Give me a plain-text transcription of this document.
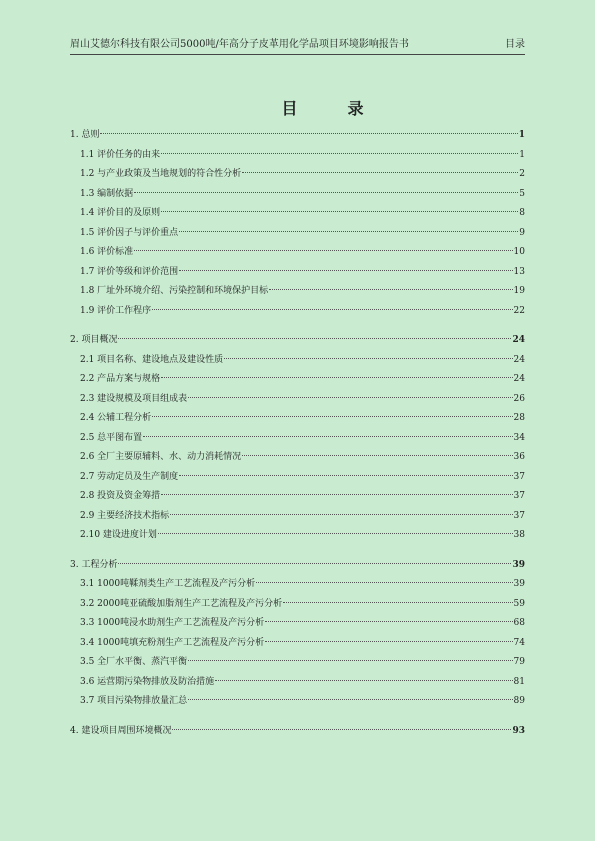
眉山艾德尔科技有限公司5000吨/年高分子皮革用化学品项目环境影响报告书	目录
目录
1. 总则	1
1.1 评价任务的由来	1
1.2 与产业政策及当地规划的符合性分析	2
1.3 编制依据	5
1.4 评价目的及原则	8
1.5 评价因子与评价重点	9
1.6 评价标准	10
1.7 评价等级和评价范围	13
1.8 厂址外环境介绍、污染控制和环境保护目标	19
1.9 评价工作程序	22
2. 项目概况	24
2.1 项目名称、建设地点及建设性质	24
2.2 产品方案与规格	24
2.3 建设规模及项目组成表	26
2.4 公辅工程分析	28
2.5 总平图布置	34
2.6 全厂主要原辅料、水、动力消耗情况	36
2.7 劳动定员及生产制度	37
2.8 投资及资金筹措	37
2.9 主要经济技术指标	37
2.10 建设进度计划	38
3. 工程分析	39
3.1 1000吨鞣剂类生产工艺流程及产污分析	39
3.2 2000吨亚硫酸加脂剂生产工艺流程及产污分析	59
3.3 1000吨浸水助剂生产工艺流程及产污分析	68
3.4 1000吨填充粉剂生产工艺流程及产污分析	74
3.5 全厂水平衡、蒸汽平衡	79
3.6 运营期污染物排放及防治措施	81
3.7 项目污染物排放量汇总	89
4. 建设项目周围环境概况	93
